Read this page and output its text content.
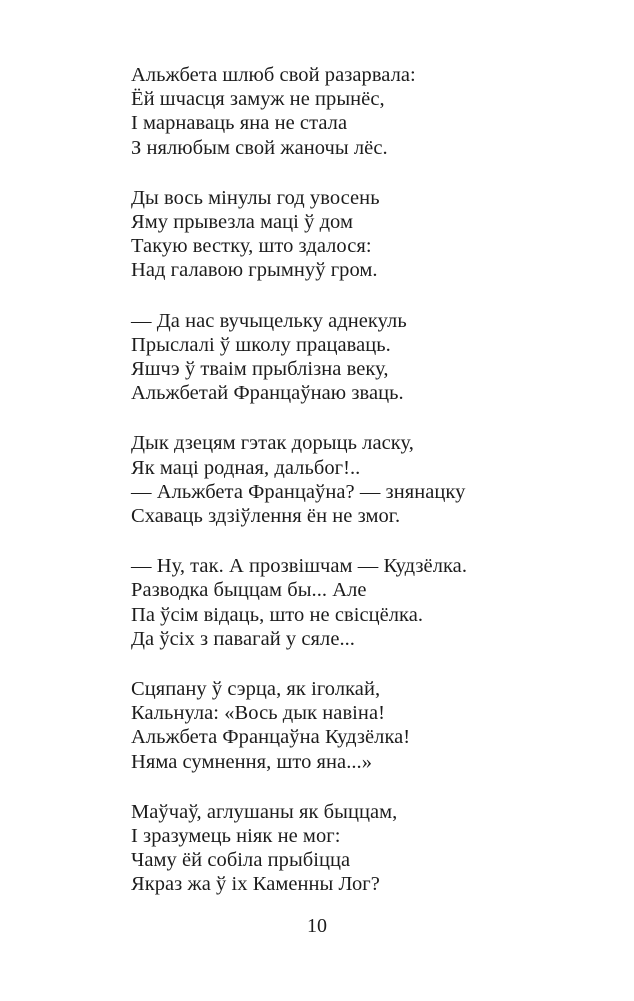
Альжбета шлюб свой разарвала:
Ёй шчасця замуж не прынёс,
І марнаваць яна не стала
З нялюбым свой жаночы лёс.
Ды вось мінулы год увосень
Яму прывезла маці ў дом
Такую вестку, што здалося:
Над галавою грымнуў гром.
— Да нас вучыцельку аднекуль
Прыслалі ў школу працаваць.
Яшчэ ў тваім прыблізна веку,
Альжбетай Францаўнаю зваць.
Дык дзецям гэтак дорыць ласку,
Як маці родная, дальбог!..
— Альжбета Францаўна? — знянацку
Схаваць здзіўлення ён не змог.
— Ну, так. А прозвішчам — Кудзёлка.
Разводка быццам бы... Але
Па ўсім відаць, што не свісцёлка.
Да ўсіх з павагай у сяле...
Сцяпану ў сэрца, як іголкай,
Кальнула: «Вось дык навіна!
Альжбета Францаўна Кудзёлка!
Няма сумнення, што яна...»
Маўчаў, аглушаны як быццам,
І зразумець ніяк не мог:
Чаму ёй собіла прыбіцца
Якраз жа ў іх Каменны Лог?
10
